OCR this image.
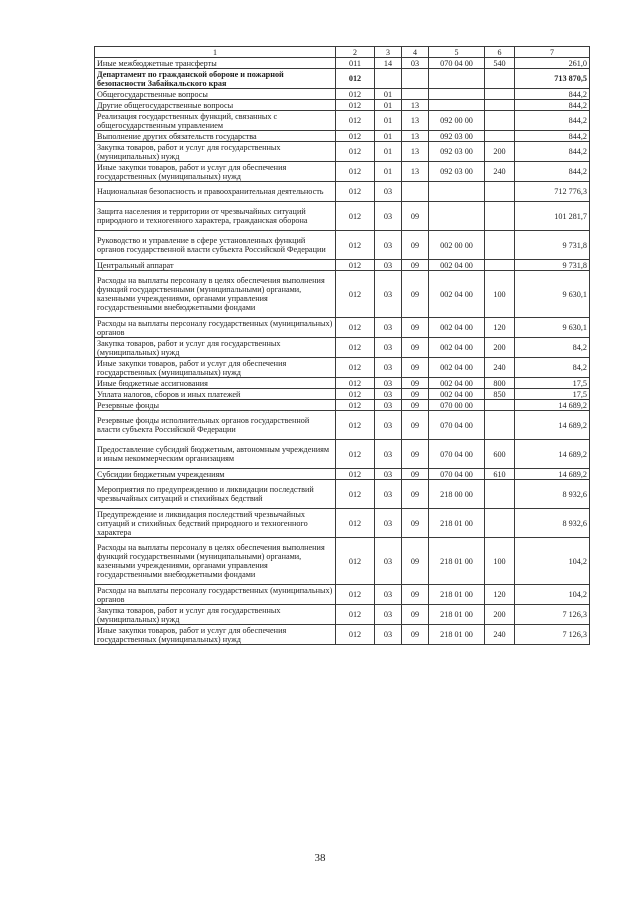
1	2	3	4	5	6	7
Иные межбюджетные трансферты	011	14	03	070 04 00	540	261,0
Департамент по гражданской обороне и пожарной безопасности Забайкальского края	012					713 870,5
Общегосударственные вопросы	012	01				844,2
Другие общегосударственные вопросы	012	01	13			844,2
Реализация государственных функций, связанных с общегосударственным управлением	012	01	13	092 00 00		844,2
Выполнение других обязательств государства	012	01	13	092 03 00		844,2
Закупка товаров, работ и услуг для государственных (муниципальных) нужд	012	01	13	092 03 00	200	844,2
Иные закупки товаров, работ и услуг для обеспечения государственных (муниципальных) нужд	012	01	13	092 03 00	240	844,2
Национальная безопасность и правоохранительная деятельность	012	03				712 776,3
Защита населения и территории от чрезвычайных ситуаций природного и техногенного характера, гражданская оборона	012	03	09			101 281,7
Руководство и управление в сфере установленных функций органов государственной власти субъекта Российской Федерации	012	03	09	002 00 00		9 731,8
Центральный аппарат	012	03	09	002 04 00		9 731,8
Расходы на выплаты персоналу в целях обеспечения выполнения функций государственными (муниципальными) органами, казенными учреждениями, органами управления государственными внебюджетными фондами	012	03	09	002 04 00	100	9 630,1
Расходы на выплаты персоналу государственных (муниципальных) органов	012	03	09	002 04 00	120	9 630,1
Закупка товаров, работ и услуг для государственных (муниципальных) нужд	012	03	09	002 04 00	200	84,2
Иные закупки товаров, работ и услуг для обеспечения государственных (муниципальных) нужд	012	03	09	002 04 00	240	84,2
Иные бюджетные ассигнования	012	03	09	002 04 00	800	17,5
Уплата налогов, сборов и иных платежей	012	03	09	002 04 00	850	17,5
Резервные фонды	012	03	09	070 00 00		14 689,2
Резервные фонды исполнительных органов государственной власти субъекта Российской Федерации	012	03	09	070 04 00		14 689,2
Предоставление субсидий бюджетным, автономным учреждениям и иным некоммерческим организациям	012	03	09	070 04 00	600	14 689,2
Субсидии бюджетным учреждениям	012	03	09	070 04 00	610	14 689,2
Мероприятия по предупреждению и ликвидации последствий чрезвычайных ситуаций и стихийных бедствий	012	03	09	218 00 00		8 932,6
Предупреждение и ликвидация последствий чрезвычайных ситуаций и стихийных бедствий природного и техногенного характера	012	03	09	218 01 00		8 932,6
Расходы на выплаты персоналу в целях обеспечения выполнения функций государственными (муниципальными) органами, казенными учреждениями, органами управления государственными внебюджетными фондами	012	03	09	218 01 00	100	104,2
Расходы на выплаты персоналу государственных (муниципальных) органов	012	03	09	218 01 00	120	104,2
Закупка товаров, работ и услуг для государственных (муниципальных) нужд	012	03	09	218 01 00	200	7 126,3
Иные закупки товаров, работ и услуг для обеспечения государственных (муниципальных) нужд	012	03	09	218 01 00	240	7 126,3
38
